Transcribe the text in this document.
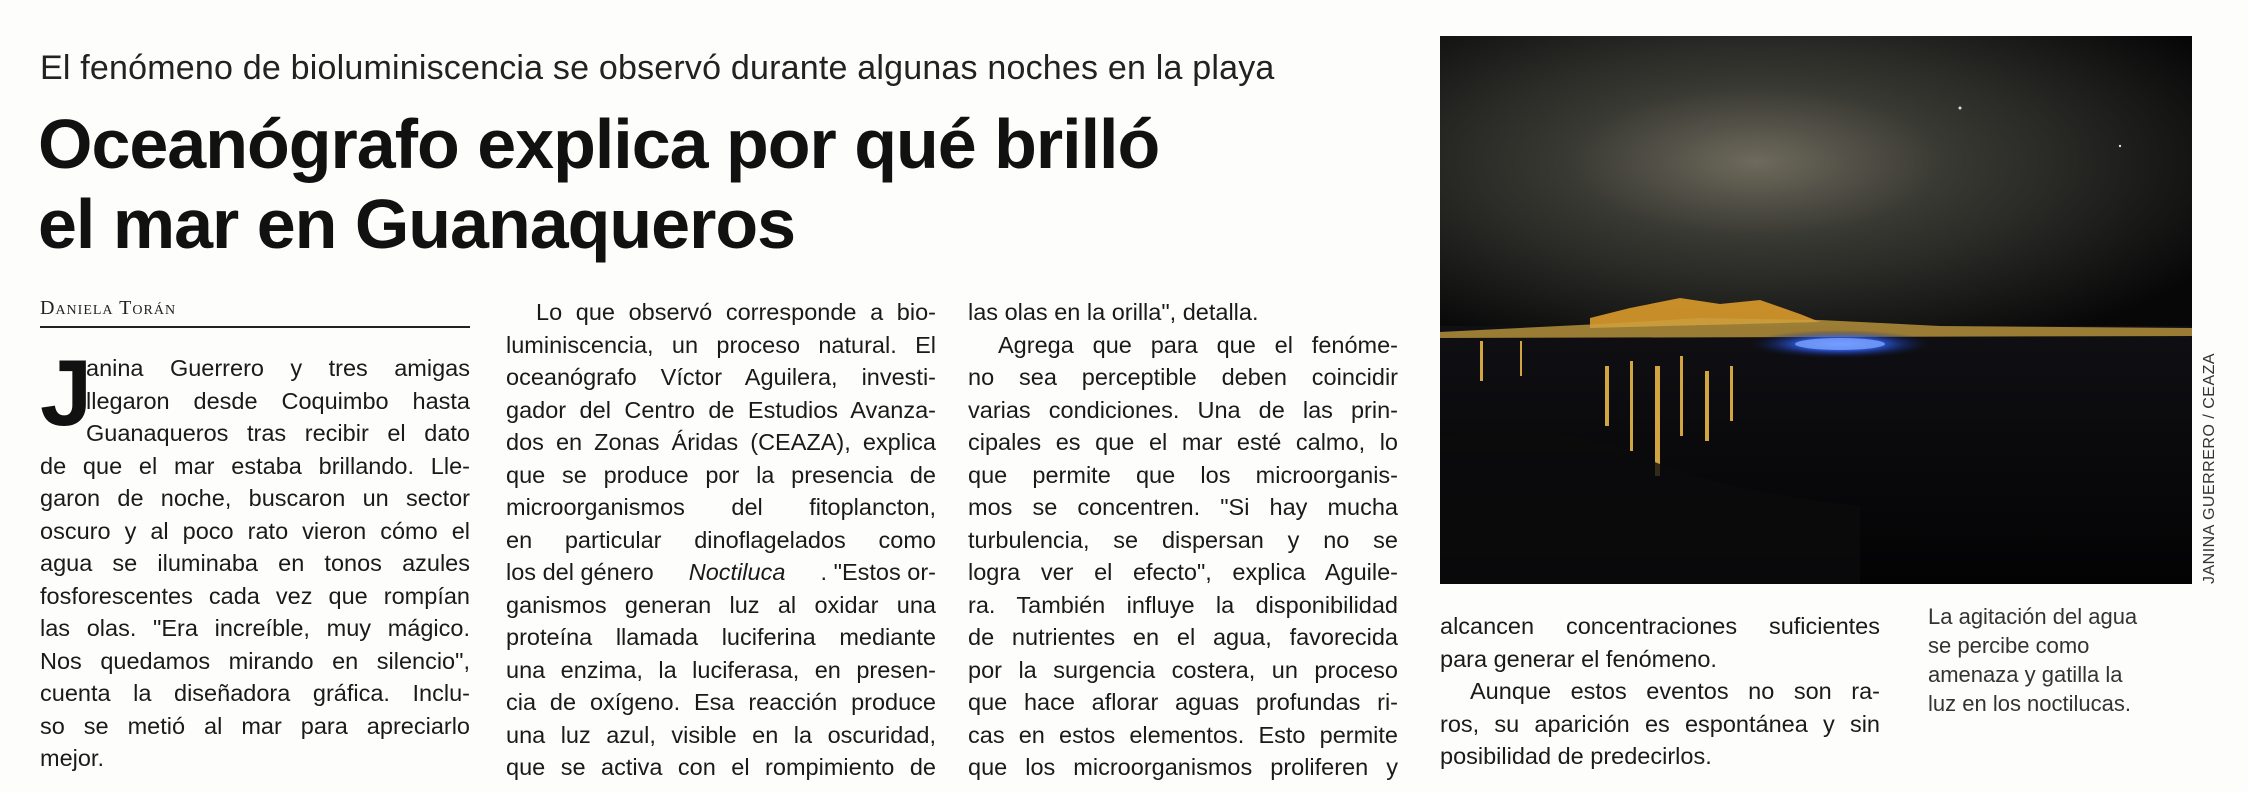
El fenómeno de bioluminiscencia se observó durante algunas noches en la playa
Oceanógrafo explica por qué brilló
el mar en Guanaqueros
Daniela Torán
J
anina Guerrero y tres amigas
llegaron desde Coquimbo hasta
Guanaqueros tras recibir el dato
de que el mar estaba brillando. Lle-
garon de noche, buscaron un sector
oscuro y al poco rato vieron cómo el
agua se iluminaba en tonos azules
fosforescentes cada vez que rompían
las olas. "Era increíble, muy mágico.
Nos quedamos mirando en silencio",
cuenta la diseñadora gráfica. Inclu-
so se metió al mar para apreciarlo
mejor.
Lo que observó corresponde a bio-
luminiscencia, un proceso natural. El
oceanógrafo Víctor Aguilera, investi-
gador del Centro de Estudios Avanza-
dos en Zonas Áridas (CEAZA), explica
que se produce por la presencia de
microorganismos del fitoplancton,
en particular dinoflagelados como
los del género Noctiluca . "Estos or-
ganismos generan luz al oxidar una
proteína llamada luciferina mediante
una enzima, la luciferasa, en presen-
cia de oxígeno. Esa reacción produce
una luz azul, visible en la oscuridad,
que se activa con el rompimiento de
las olas en la orilla", detalla.
Agrega que para que el fenóme-
no sea perceptible deben coincidir
varias condiciones. Una de las prin-
cipales es que el mar esté calmo, lo
que permite que los microorganis-
mos se concentren. "Si hay mucha
turbulencia, se dispersan y no se
logra ver el efecto", explica Aguile-
ra. También influye la disponibilidad
de nutrientes en el agua, favorecida
por la surgencia costera, un proceso
que hace aflorar aguas profundas ri-
cas en estos elementos. Esto permite
que los microorganismos proliferen y
alcancen concentraciones suficientes
para generar el fenómeno.
Aunque estos eventos no son ra-
ros, su aparición es espontánea y sin
posibilidad de predecirlos.
JANINA GUERRERO / CEAZA
La agitación del agua
se percibe como
amenaza y gatilla la
luz en los noctilucas.
